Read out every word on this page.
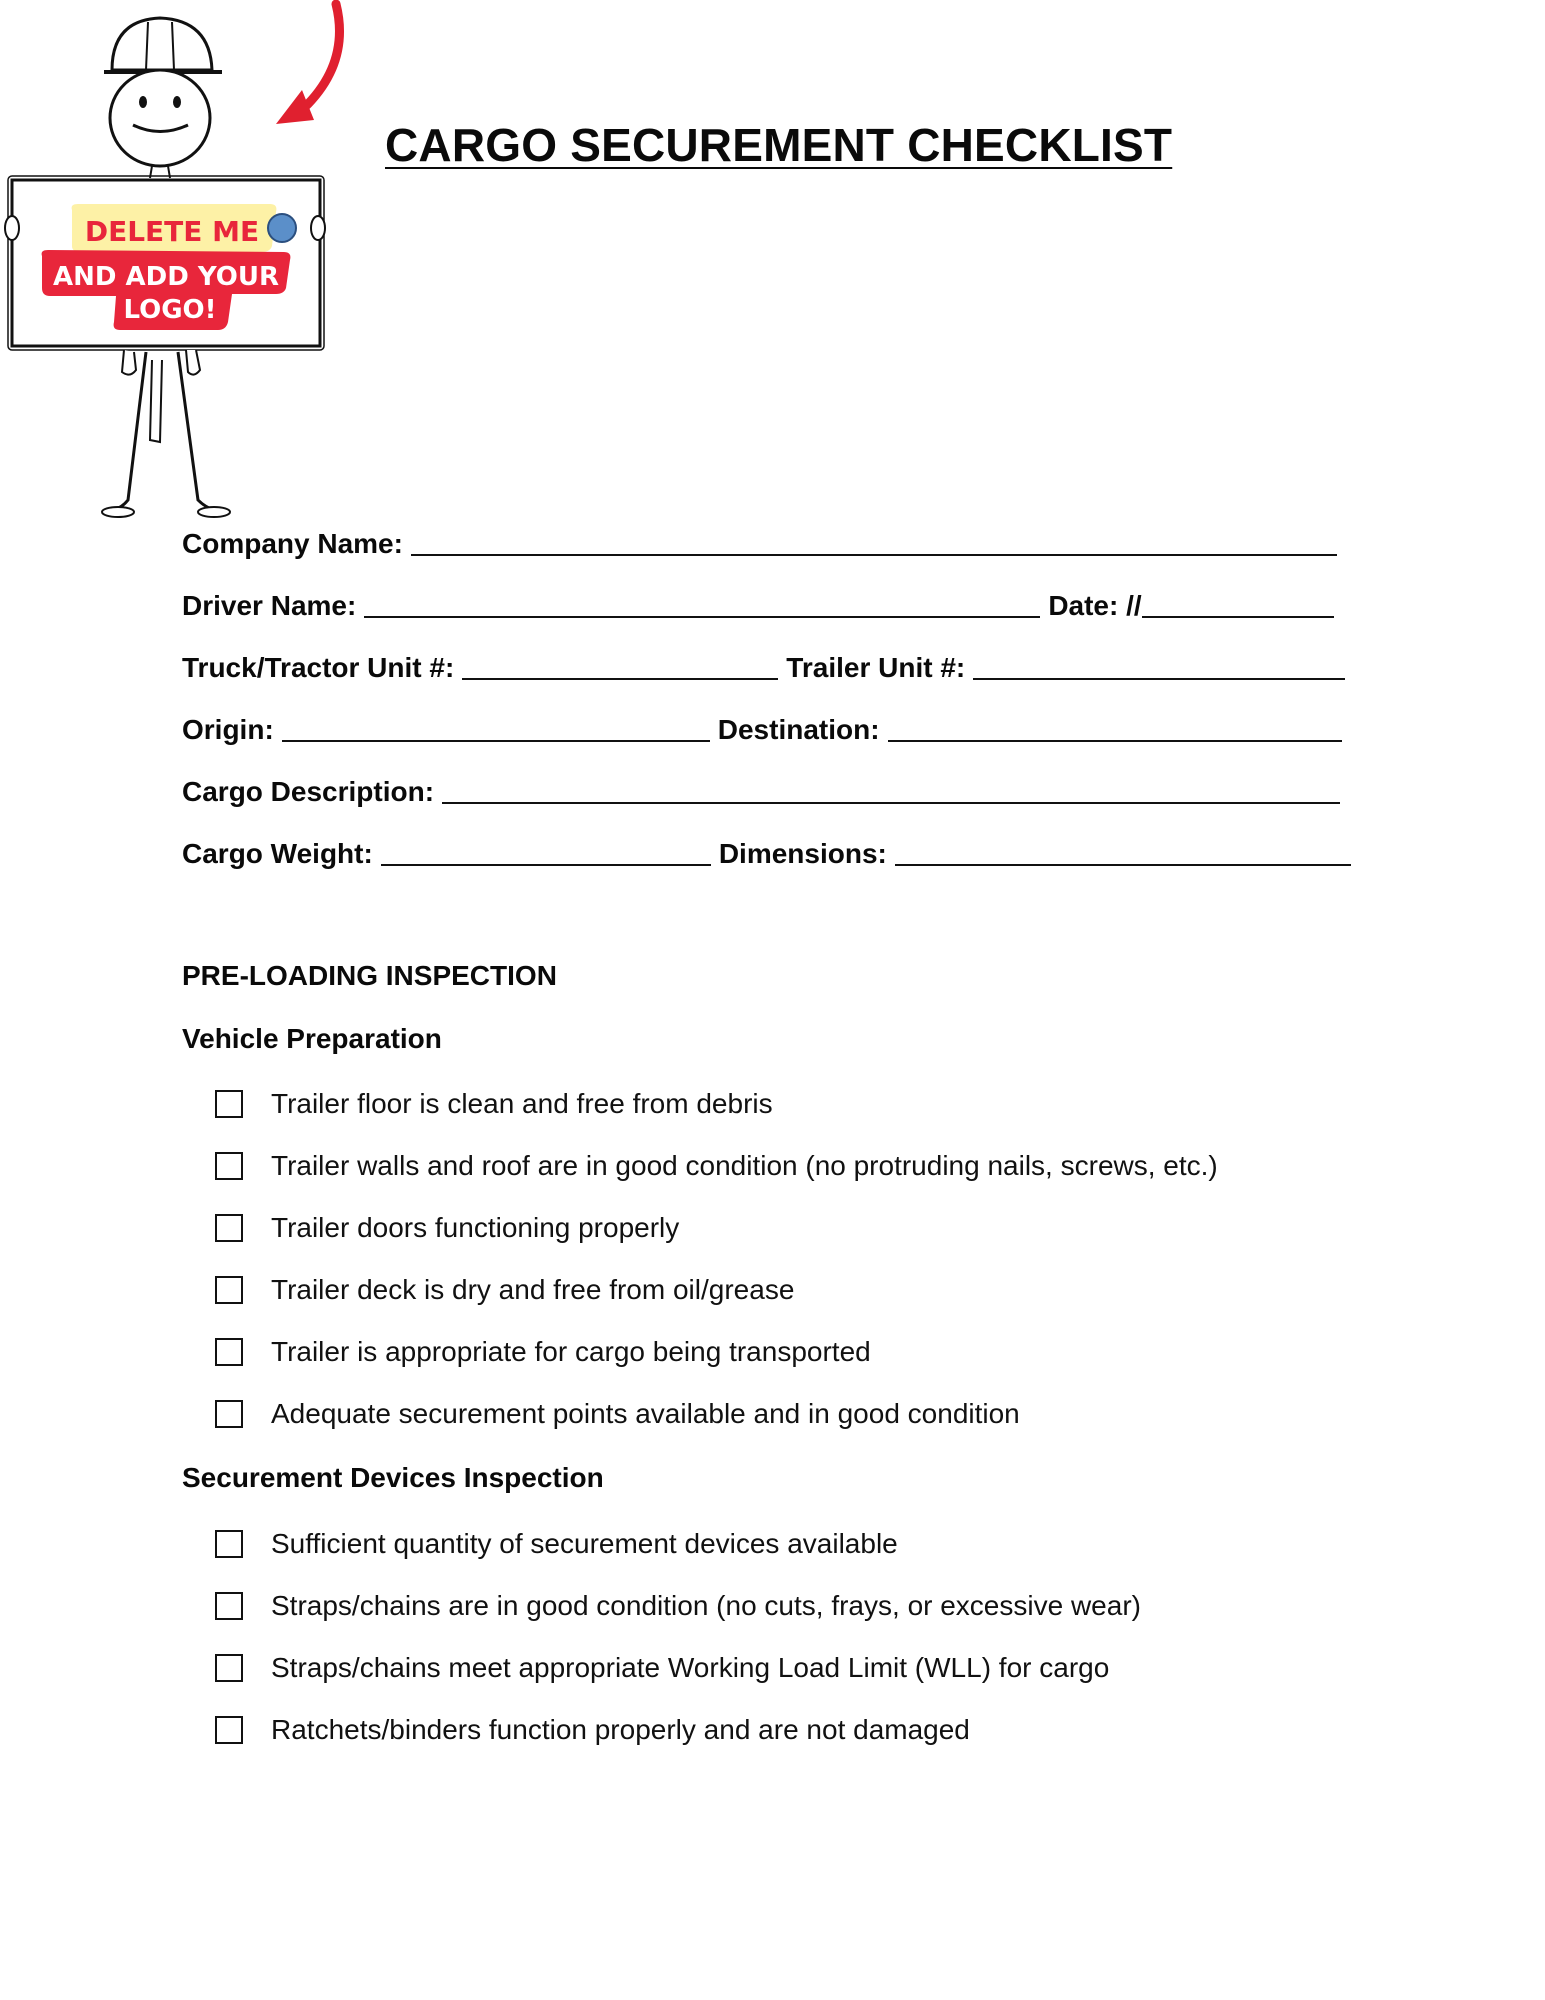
DELETE ME
AND ADD YOUR
LOGO!
CARGO SECUREMENT CHECKLIST
Company Name:
Driver Name:	Date: //
Truck/Tractor Unit #:	Trailer Unit #:
Origin:	Destination:
Cargo Description:
Cargo Weight:	Dimensions:
PRE-LOADING INSPECTION
Vehicle Preparation
Trailer floor is clean and free from debris
Trailer walls and roof are in good condition (no protruding nails, screws, etc.)
Trailer doors functioning properly
Trailer deck is dry and free from oil/grease
Trailer is appropriate for cargo being transported
Adequate securement points available and in good condition
Securement Devices Inspection
Sufficient quantity of securement devices available
Straps/chains are in good condition (no cuts, frays, or excessive wear)
Straps/chains meet appropriate Working Load Limit (WLL) for cargo
Ratchets/binders function properly and are not damaged
